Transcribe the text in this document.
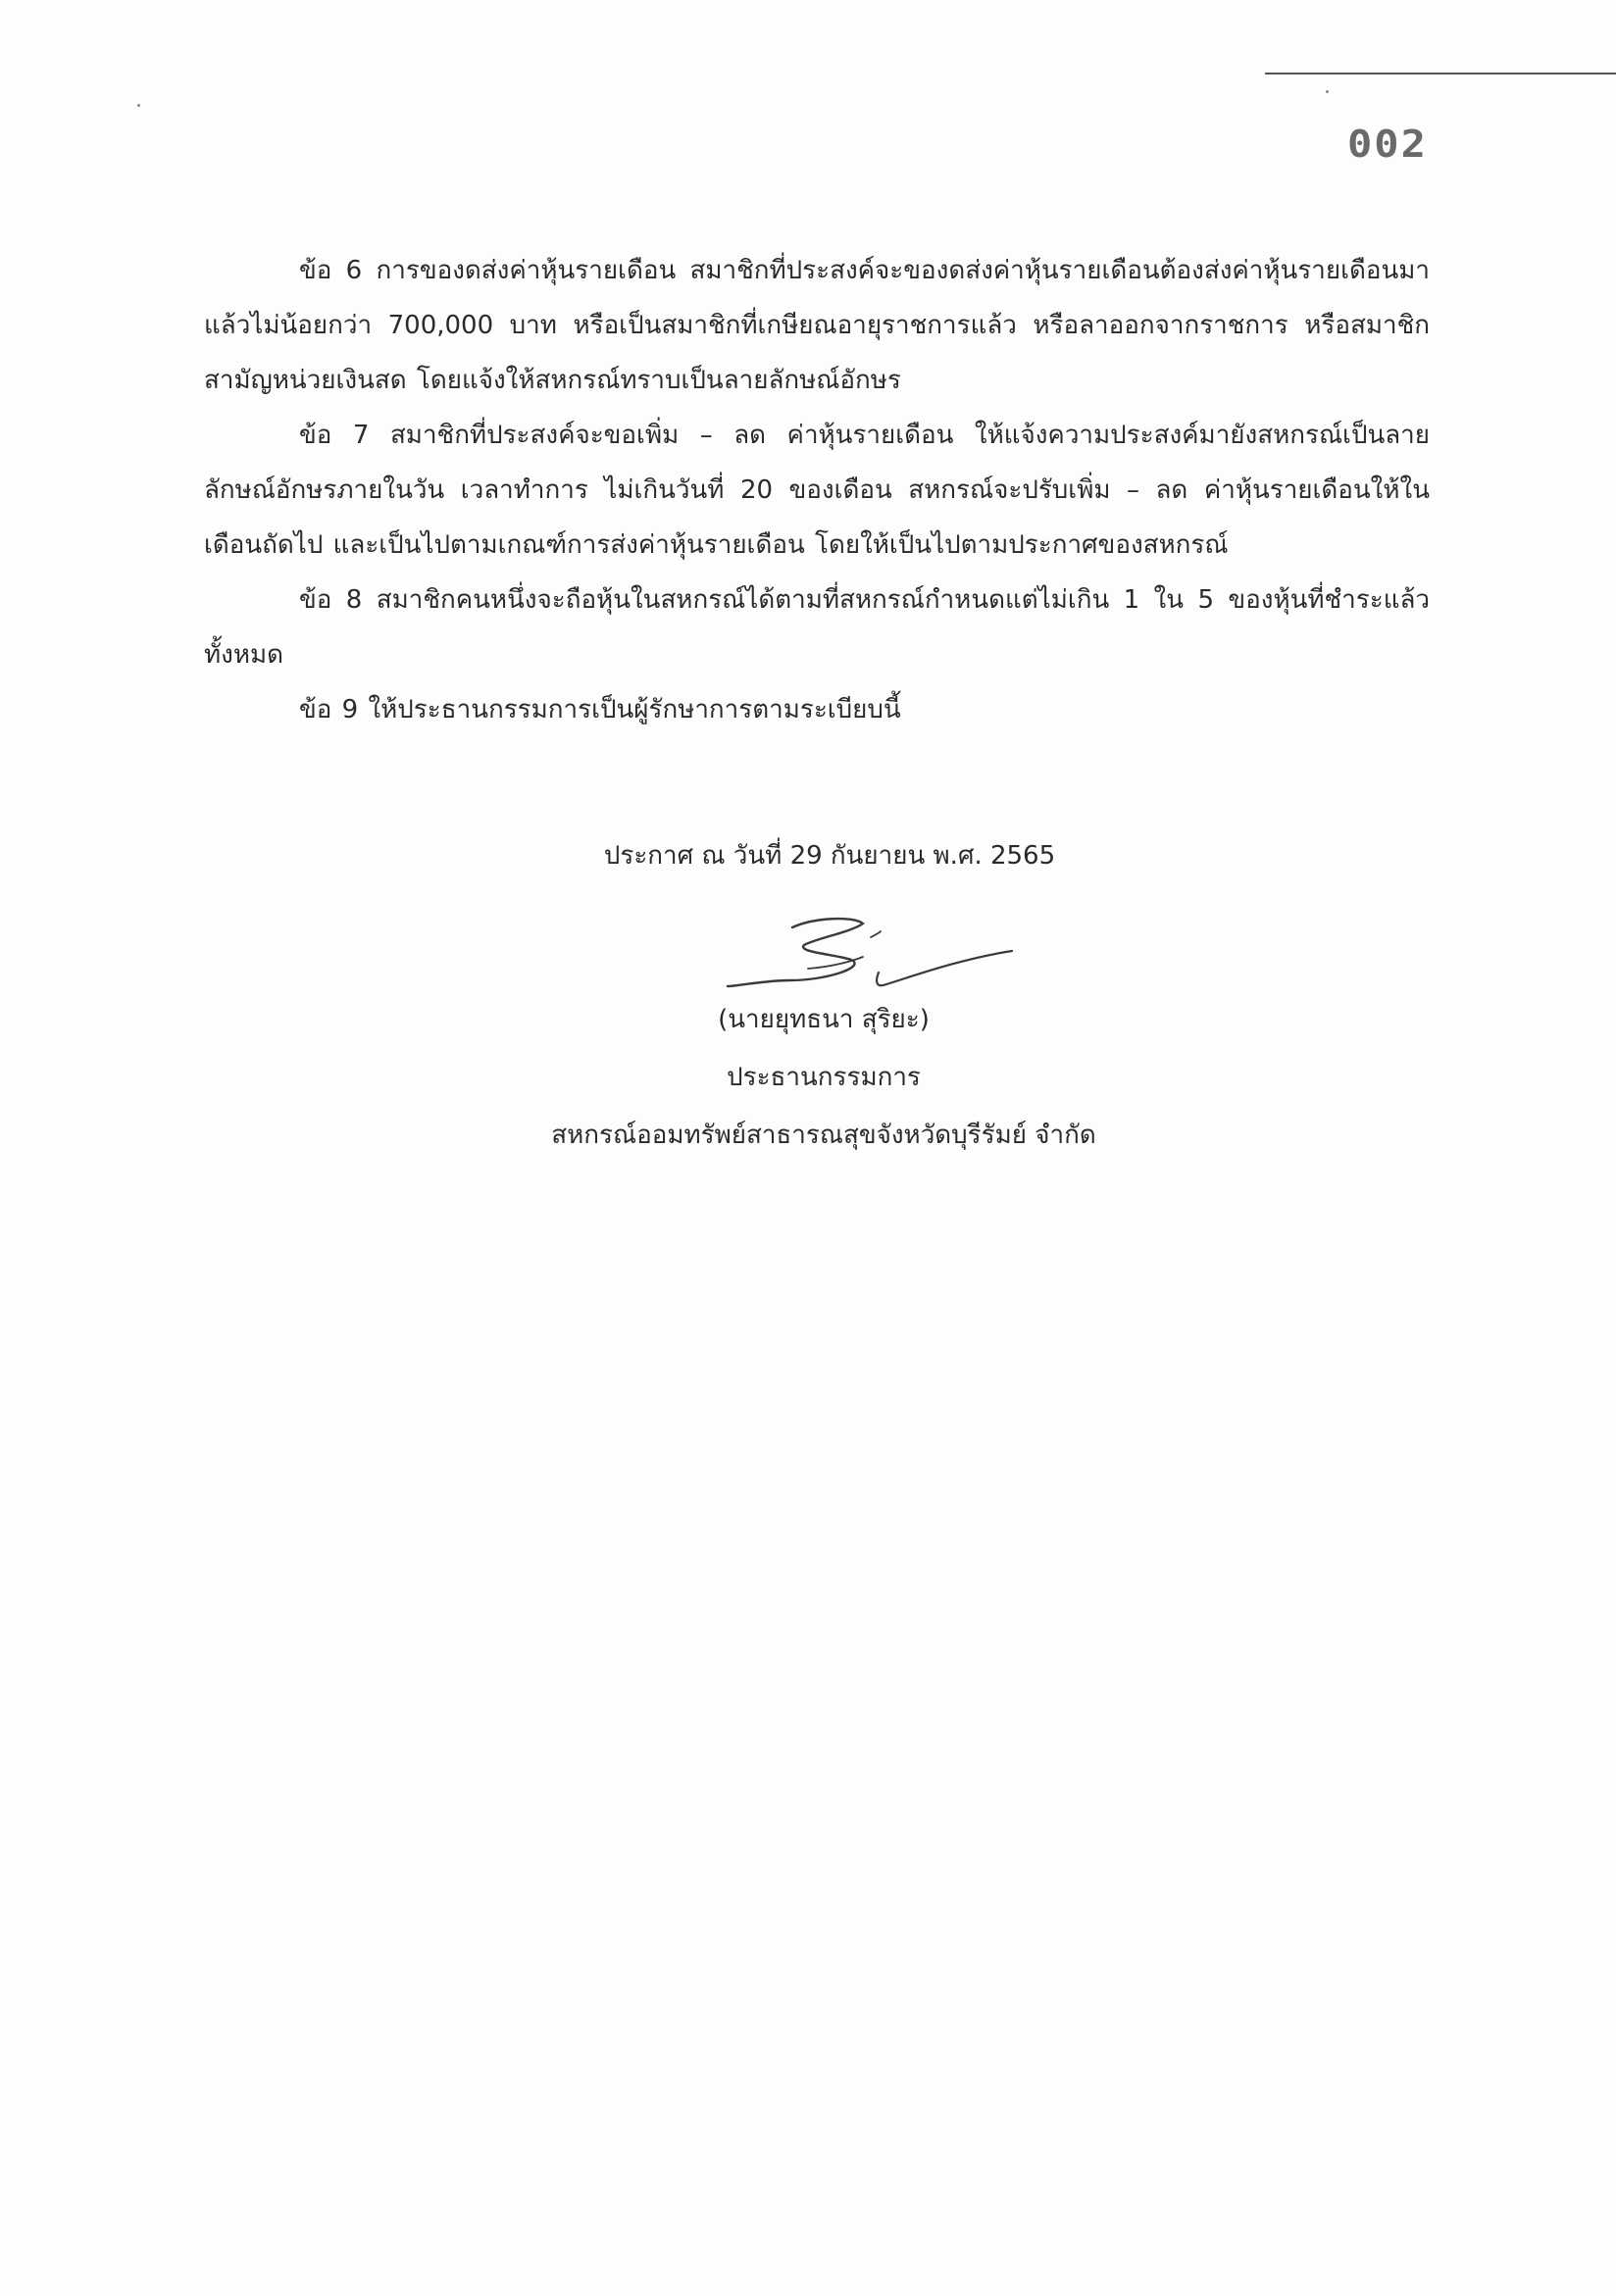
002

ข้อ 6 การของดส่งค่าหุ้นรายเดือน สมาชิกที่ประสงค์จะของดส่งค่าหุ้นรายเดือนต้องส่งค่าหุ้นรายเดือนมาแล้วไม่น้อยกว่า 700,000 บาท หรือเป็นสมาชิกที่เกษียณอายุราชการแล้ว หรือลาออกจากราชการ หรือสมาชิกสามัญหน่วยเงินสด โดยแจ้งให้สหกรณ์ทราบเป็นลายลักษณ์อักษร

ข้อ 7 สมาชิกที่ประสงค์จะขอเพิ่ม – ลด ค่าหุ้นรายเดือน ให้แจ้งความประสงค์มายังสหกรณ์เป็นลายลักษณ์อักษรภายในวัน เวลาทำการ ไม่เกินวันที่ 20 ของเดือน สหกรณ์จะปรับเพิ่ม – ลด ค่าหุ้นรายเดือนให้ในเดือนถัดไป และเป็นไปตามเกณฑ์การส่งค่าหุ้นรายเดือน โดยให้เป็นไปตามประกาศของสหกรณ์

ข้อ 8 สมาชิกคนหนึ่งจะถือหุ้นในสหกรณ์ได้ตามที่สหกรณ์กำหนดแต่ไม่เกิน 1 ใน 5 ของหุ้นที่ชำระแล้วทั้งหมด

ข้อ 9 ให้ประธานกรรมการเป็นผู้รักษาการตามระเบียบนี้

ประกาศ ณ วันที่ 29 กันยายน พ.ศ. 2565
(นายยุทธนา สุริยะ)
ประธานกรรมการ
สหกรณ์ออมทรัพย์สาธารณสุขจังหวัดบุรีรัมย์ จำกัด
